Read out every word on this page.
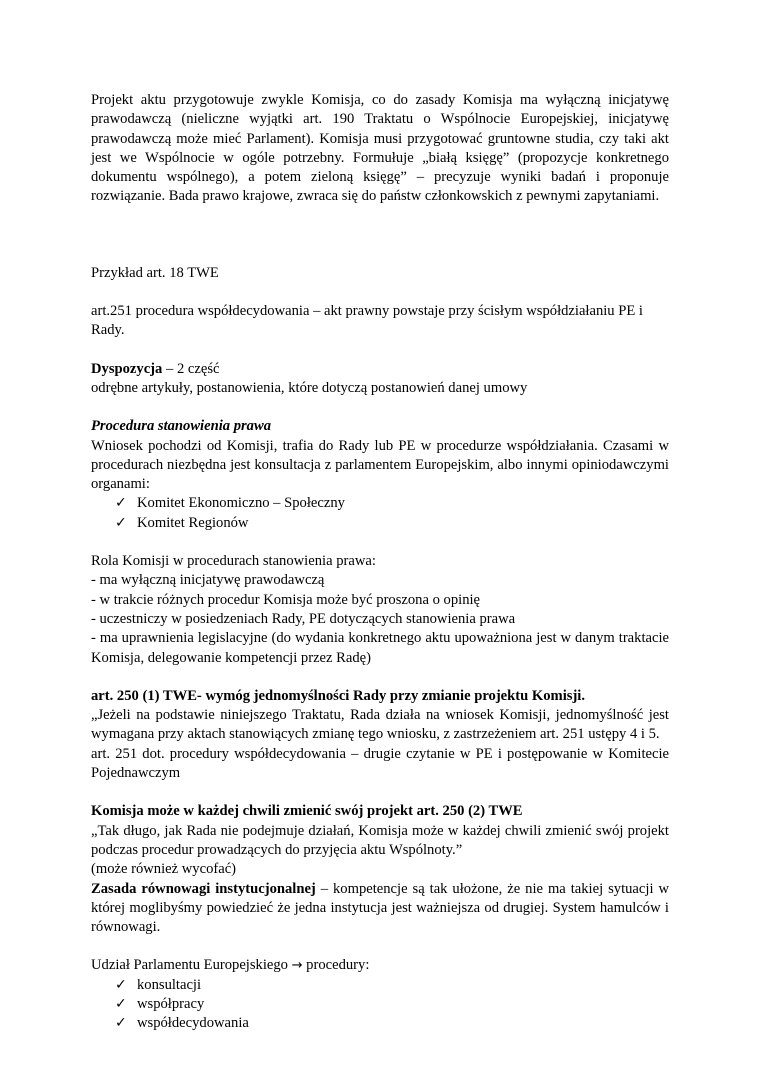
Projekt aktu przygotowuje zwykle Komisja, co do zasady Komisja ma wyłączną inicjatywę prawodawczą (nieliczne wyjątki art. 190 Traktatu o Wspólnocie Europejskiej, inicjatywę prawodawczą może mieć Parlament). Komisja musi przygotować gruntowne studia, czy taki akt jest we Wspólnocie w ogóle potrzebny. Formułuje „białą księgę” (propozycje konkretnego dokumentu wspólnego), a potem zieloną księgę” – precyzuje wyniki badań i proponuje rozwiązanie. Bada prawo krajowe, zwraca się do państw członkowskich z pewnymi zapytaniami.

Przykład art. 18 TWE

art.251 procedura współdecydowania – akt prawny powstaje przy ścisłym współdziałaniu PE i Rady.

Dyspozycja – 2 część

odrębne artykuły, postanowienia, które dotyczą postanowień danej umowy

Procedura stanowienia prawa

Wniosek pochodzi od Komisji, trafia do Rady lub PE w procedurze współdziałania. Czasami w procedurach niezbędna jest konsultacja z parlamentem Europejskim, albo innymi opiniodawczymi organami:

✓ Komitet Ekonomiczno – Społeczny
✓ Komitet Regionów

Rola Komisji w procedurach stanowienia prawa:

- ma wyłączną inicjatywę prawodawczą

- w trakcie różnych procedur Komisja może być proszona o opinię

- uczestniczy w posiedzeniach Rady, PE dotyczących stanowienia prawa

- ma uprawnienia legislacyjne (do wydania konkretnego aktu upoważniona jest w danym traktacie Komisja, delegowanie kompetencji przez Radę)

art. 250 (1) TWE- wymóg jednomyślności Rady przy zmianie projektu Komisji.

„Jeżeli na podstawie niniejszego Traktatu, Rada działa na wniosek Komisji, jednomyślność jest wymagana przy aktach stanowiących zmianę tego wniosku, z zastrzeżeniem art. 251 ustępy 4 i 5.

art. 251 dot. procedury współdecydowania – drugie czytanie w PE i postępowanie w Komitecie Pojednawczym

Komisja może w każdej chwili zmienić swój projekt art. 250 (2) TWE

„Tak długo, jak Rada nie podejmuje działań, Komisja może w każdej chwili zmienić swój projekt podczas procedur prowadzących do przyjęcia aktu Wspólnoty.”

(może również wycofać)

Zasada równowagi instytucjonalnej – kompetencje są tak ułożone, że nie ma takiej sytuacji w której moglibyśmy powiedzieć że jedna instytucja jest ważniejsza od drugiej. System hamulców i równowagi.

Udział Parlamentu Europejskiego → procedury:

✓ konsultacji
✓ współpracy
✓ współdecydowania
